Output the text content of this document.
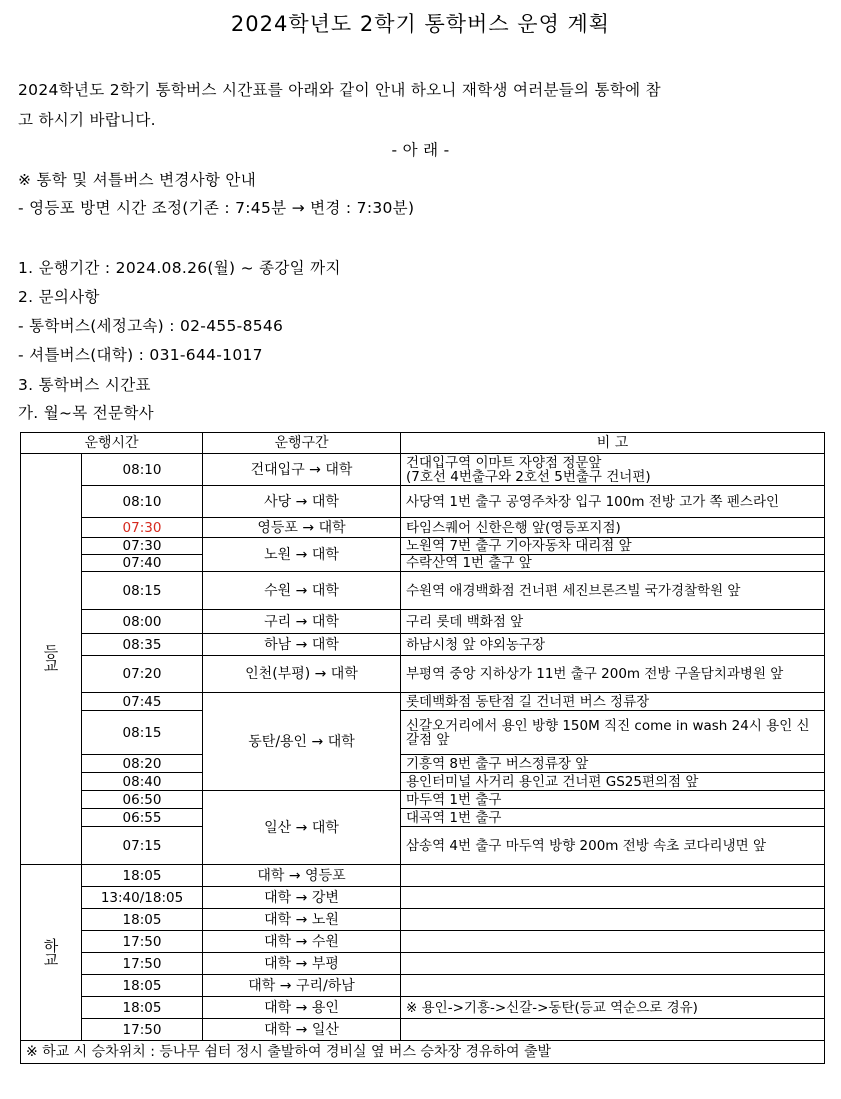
2024학년도 2학기 통학버스 운영 계획
2024학년도 2학기 통학버스 시간표를 아래와 같이 안내 하오니 재학생 여러분들의 통학에 참
고 하시기 바랍니다.
- 아 래 -
※ 통학 및 셔틀버스 변경사항 안내
- 영등포 방면 시간 조정(기존 : 7:45분 → 변경 : 7:30분)
1. 운행기간 : 2024.08.26(월) ~ 종강일 까지
2. 문의사항
- 통학버스(세정고속) : 02-455-8546
- 셔틀버스(대학) : 031-644-1017
3. 통학버스 시간표
가. 월~목 전문학사
운행시간		운행구간	비 고
등
교	08:10	건대입구 → 대학	건대입구역 이마트 자양점 정문앞
(7호선 4번출구와 2호선 5번출구 건너편)
	08:10	사당 → 대학	사당역 1번 출구 공영주차장 입구 100m 전방 고가 쪽 펜스라인
	07:30	영등포 → 대학	타임스퀘어 신한은행 앞(영등포지점)
	07:30	노원 → 대학	노원역 7번 출구 기아자동차 대리점 앞
	07:40		수락산역 1번 출구 앞
	08:15	수원 → 대학	수원역 애경백화점 건너편 세진브론즈빌 국가경찰학원 앞
	08:00	구리 → 대학	구리 롯데 백화점 앞
	08:35	하남 → 대학	하남시청 앞 야외농구장
	07:20	인천(부평) → 대학	부평역 중앙 지하상가 11번 출구 200m 전방 구올담치과병원 앞
	07:45	동탄/용인 → 대학	롯데백화점 동탄점 길 건너편 버스 정류장
	08:15		신갈오거리에서 용인 방향 150M 직진 come in wash 24시 용인 신갈점 앞
	08:20		기흥역 8번 출구 버스정류장 앞
	08:40		용인터미널 사거리 용인교 건너편 GS25편의점 앞
	06:50	일산 → 대학	마두역 1번 출구
	06:55		대곡역 1번 출구
	07:15		삼송역 4번 출구 마두역 방향 200m 전방 속초 코다리냉면 앞
하
교	18:05	대학 → 영등포	
	13:40/18:05	대학 → 강변	
	18:05	대학 → 노원	
	17:50	대학 → 수원	
	17:50	대학 → 부평	
	18:05	대학 → 구리/하남	
	18:05	대학 → 용인	※ 용인->기흥->신갈->동탄(등교 역순으로 경유)
	17:50	대학 → 일산	
※ 하교 시 승차위치 : 등나무 쉼터 정시 출발하여 경비실 옆 버스 승차장 경유하여 출발			
